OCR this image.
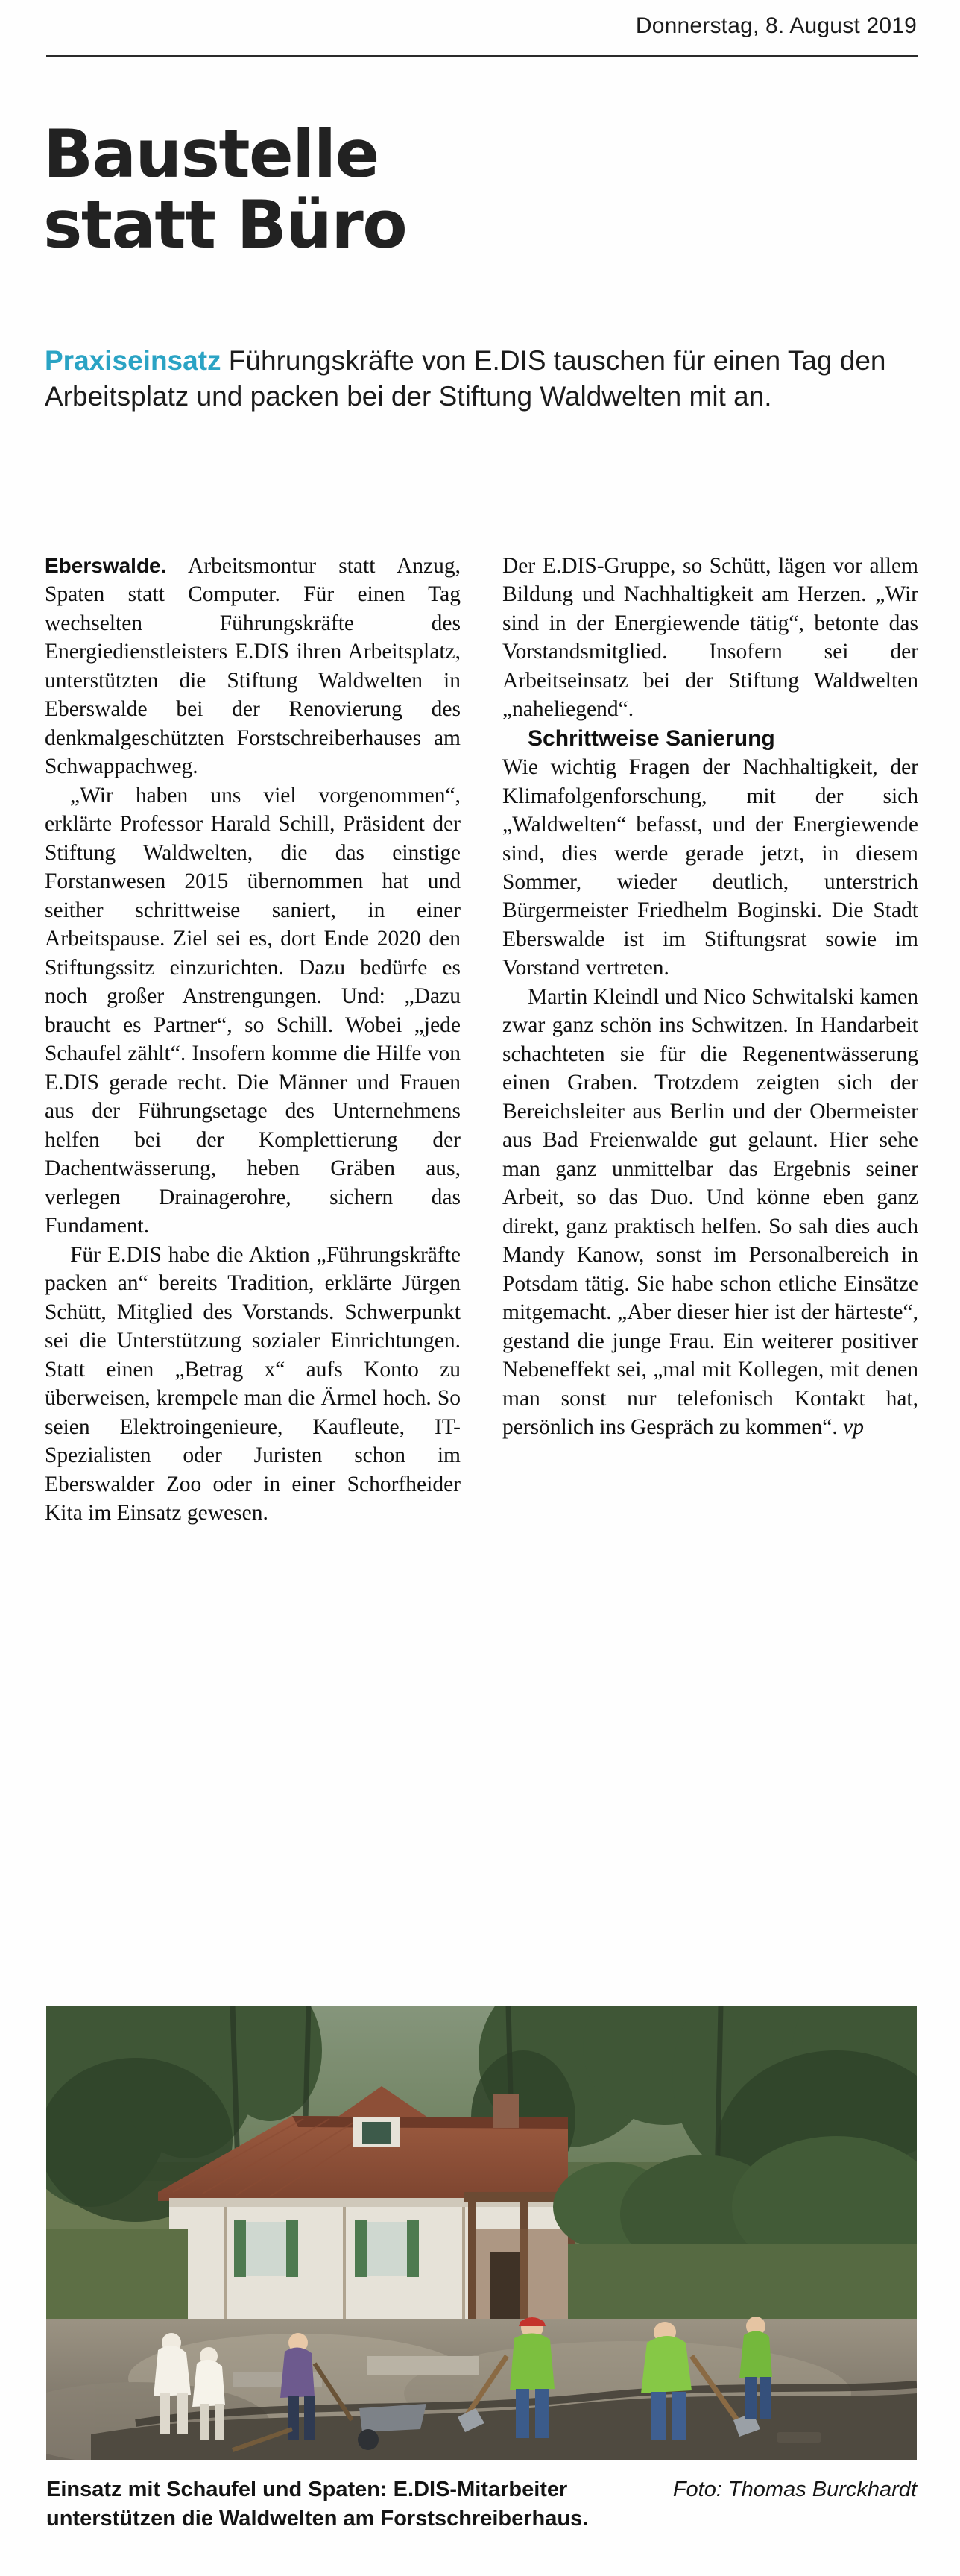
Donnerstag, 8. August 2019
Baustelle
statt Büro
Praxiseinsatz Führungskräfte von E.DIS tauschen für einen Tag den Arbeitsplatz und packen bei der Stiftung Waldwelten mit an.

Eberswalde. Arbeitsmontur statt Anzug, Spaten statt Computer. Für einen Tag wechselten Führungskräfte des Energiedienstleisters E.DIS ihren Arbeitsplatz, unterstützten die Stiftung Waldwelten in Eberswalde bei der Renovierung des denkmalgeschützten Forstschreiberhauses am Schwappachweg.

„Wir haben uns viel vorgenommen“, erklärte Professor Harald Schill, Präsident der Stiftung Waldwelten, die das einstige Forstanwesen 2015 übernommen hat und seither schrittweise saniert, in einer Arbeitspause. Ziel sei es, dort Ende 2020 den Stiftungssitz einzurichten. Dazu bedürfe es noch großer Anstrengungen. Und: „Dazu braucht es Partner“, so Schill. Wobei „jede Schaufel zählt“. Insofern komme die Hilfe von E.DIS gerade recht. Die Männer und Frauen aus der Führungsetage des Unternehmens helfen bei der Komplettierung der Dachentwässerung, heben Gräben aus, verlegen Drainagerohre, sichern das Fundament.

Für E.DIS habe die Aktion „Führungskräfte packen an“ bereits Tradition, erklärte Jürgen Schütt, Mitglied des Vorstands. Schwerpunkt sei die Unterstützung sozialer Einrichtungen. Statt einen „Betrag x“ aufs Konto zu überweisen, krempele man die Ärmel hoch. So seien Elektroingenieure, Kaufleute, IT-Spezialisten oder Juristen schon im Eberswalder Zoo oder in einer Schorfheider Kita im Einsatz gewesen.

Der E.DIS-Gruppe, so Schütt, lägen vor allem Bildung und Nachhaltigkeit am Herzen. „Wir sind in der Energiewende tätig“, betonte das Vorstandsmitglied. Insofern sei der Arbeitseinsatz bei der Stiftung Waldwelten „naheliegend“.

Schrittweise Sanierung

Wie wichtig Fragen der Nachhaltigkeit, der Klimafolgenforschung, mit der sich „Waldwelten“ befasst, und der Energiewende sind, dies werde gerade jetzt, in diesem Sommer, wieder deutlich, unterstrich Bürgermeister Friedhelm Boginski. Die Stadt Eberswalde ist im Stiftungsrat sowie im Vorstand vertreten.

Martin Kleindl und Nico Schwitalski kamen zwar ganz schön ins Schwitzen. In Handarbeit schachteten sie für die Regenentwässerung einen Graben. Trotzdem zeigten sich der Bereichsleiter aus Berlin und der Obermeister aus Bad Freienwalde gut gelaunt. Hier sehe man ganz unmittelbar das Ergebnis seiner Arbeit, so das Duo. Und könne eben ganz direkt, ganz praktisch helfen. So sah dies auch Mandy Kanow, sonst im Personalbereich in Potsdam tätig. Sie habe schon etliche Einsätze mitgemacht. „Aber dieser hier ist der härteste“, gestand die junge Frau. Ein weiterer positiver Nebeneffekt sei, „mal mit Kollegen, mit denen man sonst nur telefonisch Kontakt hat, persönlich ins Gespräch zu kommen“. vp

Foto: Thomas Burckhardt
Einsatz mit Schaufel und Spaten: E.DIS-Mitarbeiter unterstützen die Waldwelten am Forstschreiberhaus.
